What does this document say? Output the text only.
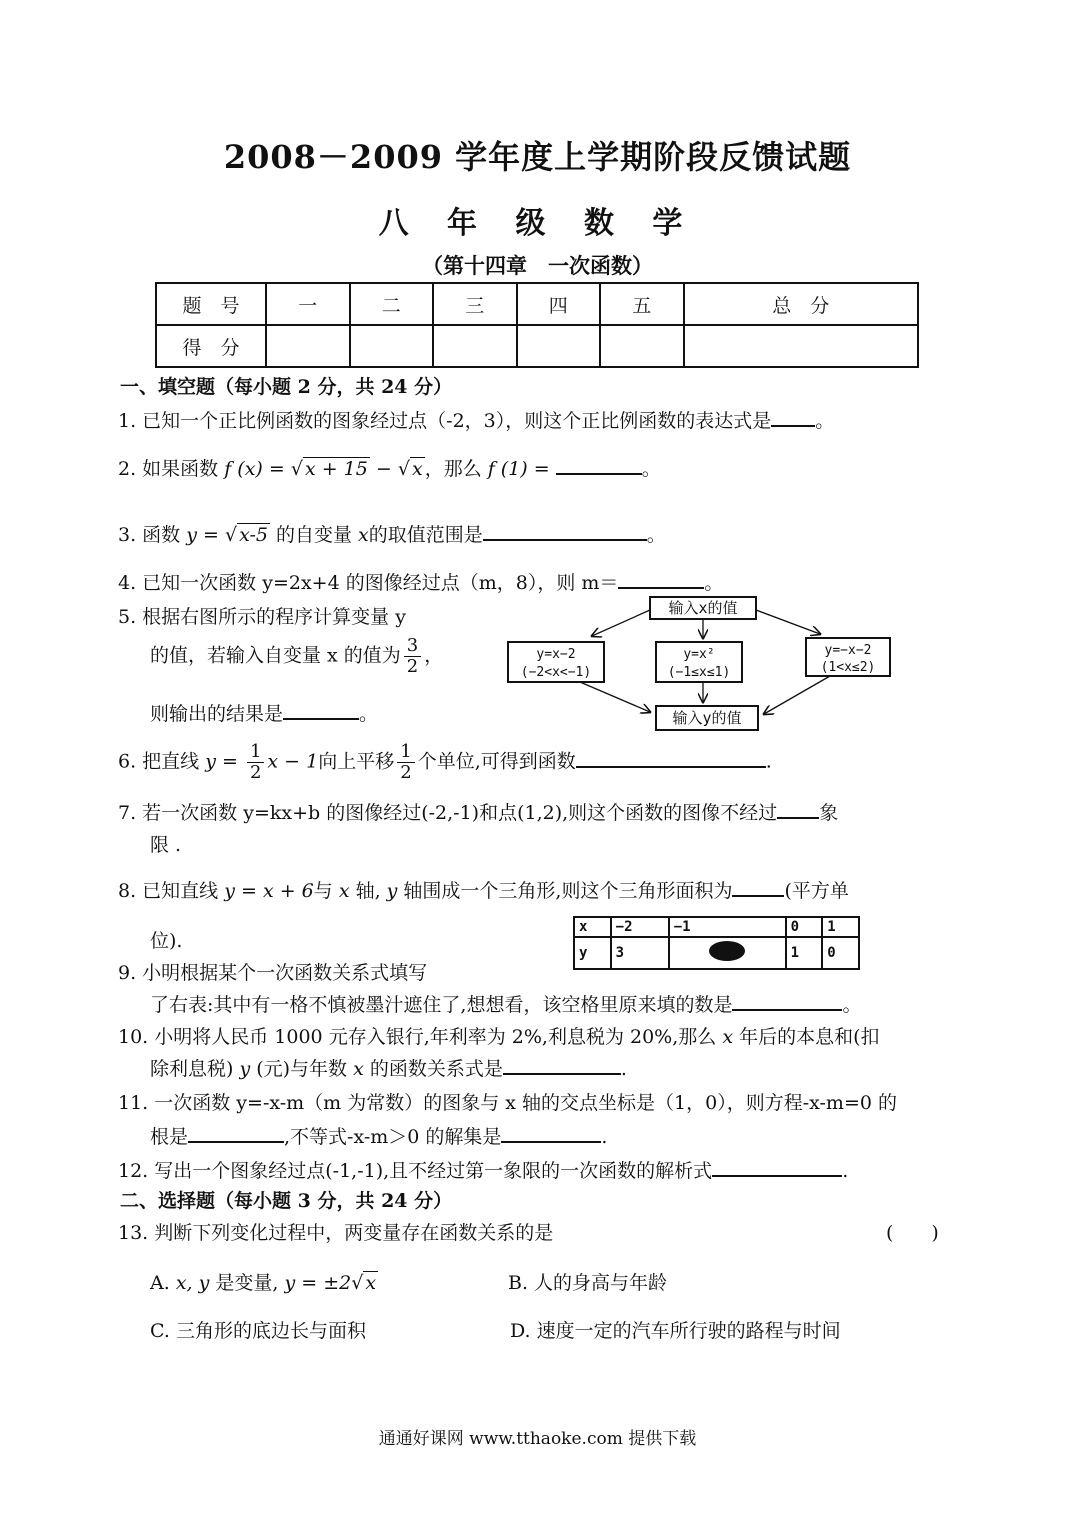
2008－2009 学年度上学期阶段反馈试题
八 年 级 数 学
（第十四章　一次函数）
题　号	一	二	三	四	五	总　分
得　分						
一、填空题（每小题 2 分，共 24 分）
1. 已知一个正比例函数的图象经过点（-2，3），则这个正比例函数的表达式是 。
2. 如果函数 f (x) = √ x + 15 − √ x ，那么 f (1) =	。
3. 函数 y = √ x-5 的自变量 x的取值范围是	。
4. 已知一次函数 y=2x+4 的图像经过点（m，8），则 m＝	。
5. 根据右图所示的程序计算变量 y
的值，若输入自变量 x 的值为 $\frac{3}{2}$ ，
则输出的结果是	。
输入x的值
y=x−2
(−2<x<−1)
y=x²
(−1≤x≤1)
y=−x−2
(1<x≤2)
输入y的值
6. 把直线 $y = \frac{1}{2}$ x − 1向上平移 $\frac{1}{2}$ 个单位,可得到函数	.
7. 若一次函数 y=kx+b 的图像经过(-2,-1)和点(1,2),则这个函数的图像不经过 象
限 .
8. 已知直线 y = x + 6与 x 轴, y 轴围成一个三角形,则这个三角形面积为	(平方单
位).
x	−2	−1	0	1
y	3		1	0
9. 小明根据某个一次函数关系式填写
了右表:其中有一格不慎被墨汁遮住了,想想看，该空格里原来填的数是	。
10. 小明将人民币 1000 元存入银行,年利率为 2%,利息税为 20%,那么 x 年后的本息和(扣
除利息税) y (元)与年数 x 的函数关系式是	.
11. 一次函数 y=-x-m（m 为常数）的图象与 x 轴的交点坐标是（1，0），则方程-x-m=0 的
根是	,不等式-x-m＞0 的解集是	.
12. 写出一个图象经过点(-1,-1),且不经过第一象限的一次函数的解析式	.
二、选择题（每小题 3 分，共 24 分）
13. 判断下列变化过程中，两变量存在函数关系的是	(　　)
A. x, y 是变量, y = ±2√ x	B. 人的身高与年龄
C. 三角形的底边长与面积	D. 速度一定的汽车所行驶的路程与时间
通通好课网 www.tthaoke.com 提供下载
